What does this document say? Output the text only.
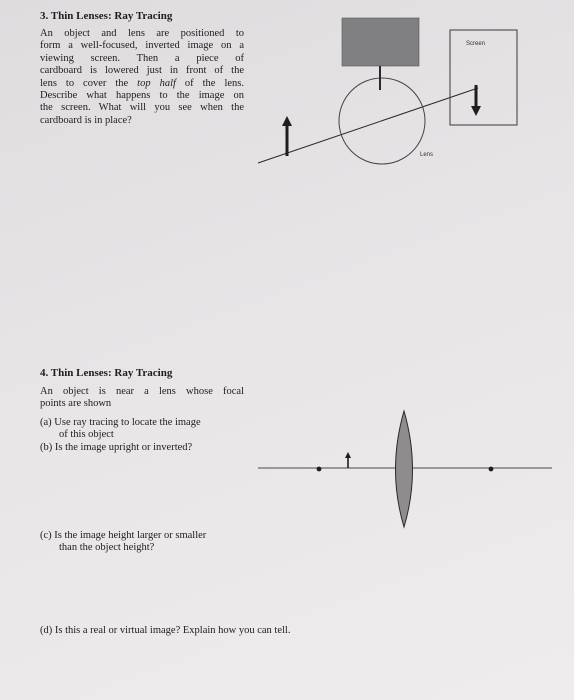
3. Thin Lenses: Ray Tracing

An object and lens are positioned to

form a well-focused, inverted image on a

viewing screen. Then a piece of

cardboard is lowered just in front of the

lens to cover the top half of the lens.

Describe what happens to the image on

the screen. What will you see when the

cardboard is in place?

4. Thin Lenses: Ray Tracing

An object is near a lens whose focal

points are shown

(a) Use ray tracing to locate the image

of this object

(b) Is the image upright or inverted?

(c) Is the image height larger or smaller

than the object height?

(d) Is this a real or virtual image? Explain how you can tell.
Screen
Lens
